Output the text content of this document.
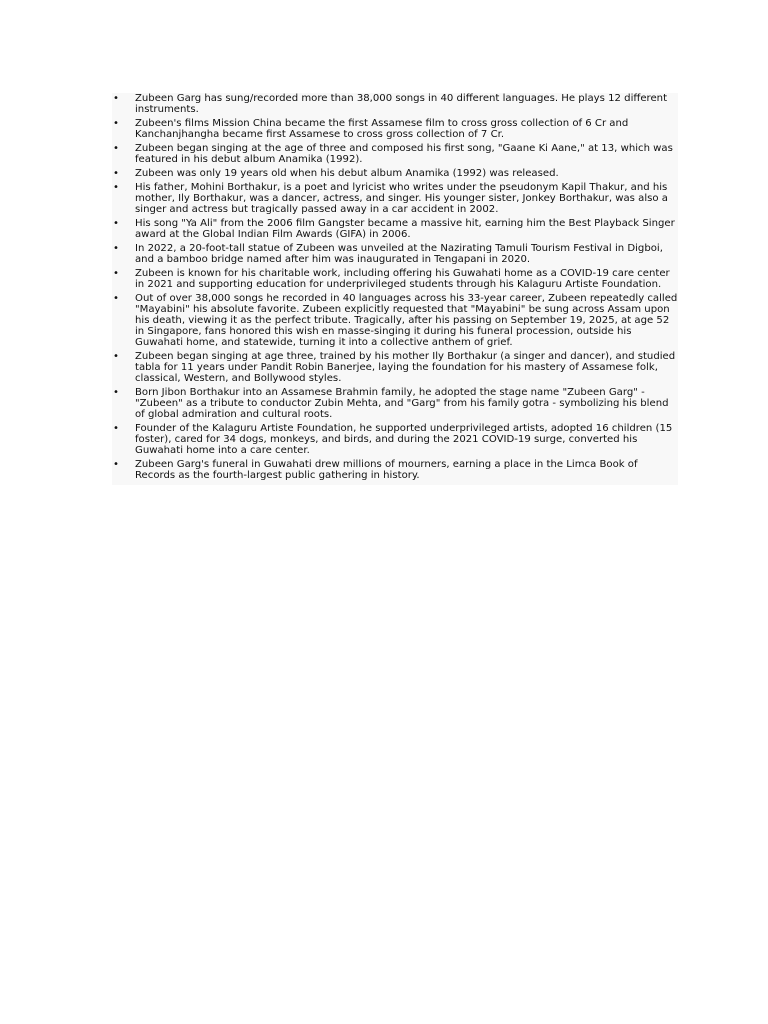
• Zubeen Garg has sung/recorded more than 38,000 songs in 40 different languages. He plays 12 different instruments.
• Zubeen's films Mission China became the first Assamese film to cross gross collection of 6 Cr and Kanchanjhangha became first Assamese to cross gross collection of 7 Cr.
• Zubeen began singing at the age of three and composed his first song, "Gaane Ki Aane," at 13, which was featured in his debut album Anamika (1992).
• Zubeen was only 19 years old when his debut album Anamika (1992) was released.
• His father, Mohini Borthakur, is a poet and lyricist who writes under the pseudonym Kapil Thakur, and his mother, Ily Borthakur, was a dancer, actress, and singer. His younger sister, Jonkey Borthakur, was also a singer and actress but tragically passed away in a car accident in 2002.
• His song "Ya Ali" from the 2006 film Gangster became a massive hit, earning him the Best Playback Singer award at the Global Indian Film Awards (GIFA) in 2006.
• In 2022, a 20-foot-tall statue of Zubeen was unveiled at the Nazirating Tamuli Tourism Festival in Digboi, and a bamboo bridge named after him was inaugurated in Tengapani in 2020.
• Zubeen is known for his charitable work, including offering his Guwahati home as a COVID-19 care center in 2021 and supporting education for underprivileged students through his Kalaguru Artiste Foundation.
• Out of over 38,000 songs he recorded in 40 languages across his 33-year career, Zubeen repeatedly called "Mayabini" his absolute favorite. Zubeen explicitly requested that "Mayabini" be sung across Assam upon his death, viewing it as the perfect tribute. Tragically, after his passing on September 19, 2025, at age 52 in Singapore, fans honored this wish en masse-singing it during his funeral procession, outside his Guwahati home, and statewide, turning it into a collective anthem of grief.
• Zubeen began singing at age three, trained by his mother Ily Borthakur (a singer and dancer), and studied tabla for 11 years under Pandit Robin Banerjee, laying the foundation for his mastery of Assamese folk, classical, Western, and Bollywood styles.
• Born Jibon Borthakur into an Assamese Brahmin family, he adopted the stage name "Zubeen Garg" - "Zubeen" as a tribute to conductor Zubin Mehta, and "Garg" from his family gotra - symbolizing his blend of global admiration and cultural roots.
• Founder of the Kalaguru Artiste Foundation, he supported underprivileged artists, adopted 16 children (15 foster), cared for 34 dogs, monkeys, and birds, and during the 2021 COVID-19 surge, converted his Guwahati home into a care center.
• Zubeen Garg's funeral in Guwahati drew millions of mourners, earning a place in the Limca Book of Records as the fourth-largest public gathering in history.
